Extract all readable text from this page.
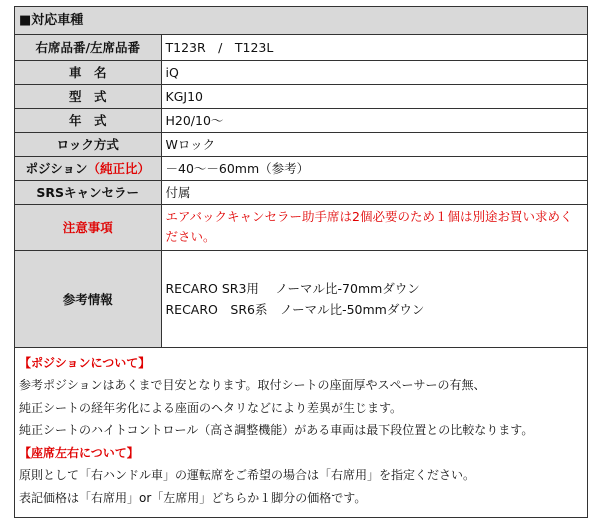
■対応車種
右席品番/左席品番	T123R　/　T123L
車　名	iQ
型　式	KGJ10
年　式	H20/10～
ロック方式	Wロック
ポジション（純正比）	－40～－60mm（参考）
SRSキャンセラー	付属
注意事項	エアバックキャンセラー助手席は2個必要のため１個は別途お買い求めく
ださい。

参考情報	RECARO SR3用　 ノーマル比-70mmダウン
RECARO　SR6系　ノーマル比-50mmダウン
【ポジションについて】
参考ポジションはあくまで目安となります。取付シートの座面厚やスペーサーの有無、
純正シートの経年劣化による座面のヘタリなどにより差異が生じます。
純正シートのハイトコントロール（高さ調整機能）がある車両は最下段位置との比較なります。
【座席左右について】
原則として「右ハンドル車」の運転席をご希望の場合は「右席用」を指定ください。
表記価格は「右席用」or「左席用」どちらか１脚分の価格です。
